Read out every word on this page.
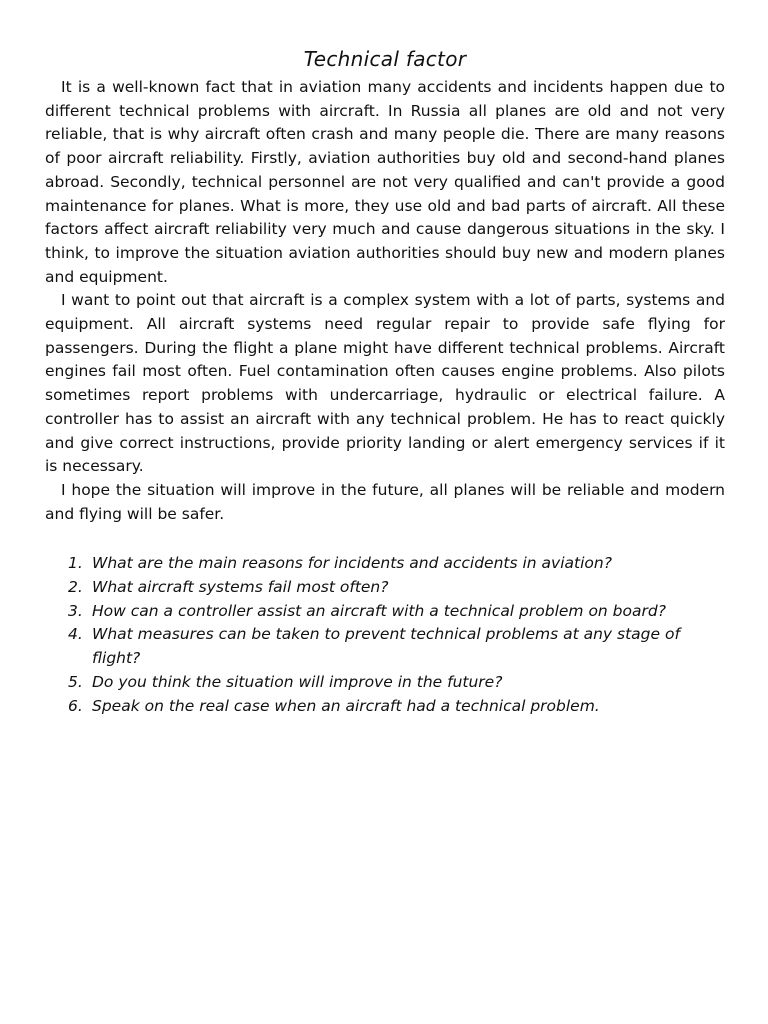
Technical factor

It is a well-known fact that in aviation many accidents and incidents happen due to different technical problems with aircraft. In Russia all planes are old and not very reliable, that is why aircraft often crash and many people die. There are many reasons of poor aircraft reliability. Firstly, aviation authorities buy old and second-hand planes abroad. Secondly, technical personnel are not very qualified and can't provide a good maintenance for planes. What is more, they use old and bad parts of aircraft. All these factors affect aircraft reliability very much and cause dangerous situations in the sky. I think, to improve the situation aviation authorities should buy new and modern planes and equipment.

I want to point out that aircraft is a complex system with a lot of parts, systems and equipment. All aircraft systems need regular repair to provide safe flying for passengers. During the flight a plane might have different technical problems. Aircraft engines fail most often. Fuel contamination often causes engine problems. Also pilots sometimes report problems with undercarriage, hydraulic or electrical failure. A controller has to assist an aircraft with any technical problem. He has to react quickly and give correct instructions, provide priority landing or alert emergency services if it is necessary.

I hope the situation will improve in the future, all planes will be reliable and modern and flying will be safer.

1. What are the main reasons for incidents and accidents in aviation?
2. What aircraft systems fail most often?
3. How can a controller assist an aircraft with a technical problem on board?
4. What measures can be taken to prevent technical problems at any stage of flight?
5. Do you think the situation will improve in the future?
6. Speak on the real case when an aircraft had a technical problem.
